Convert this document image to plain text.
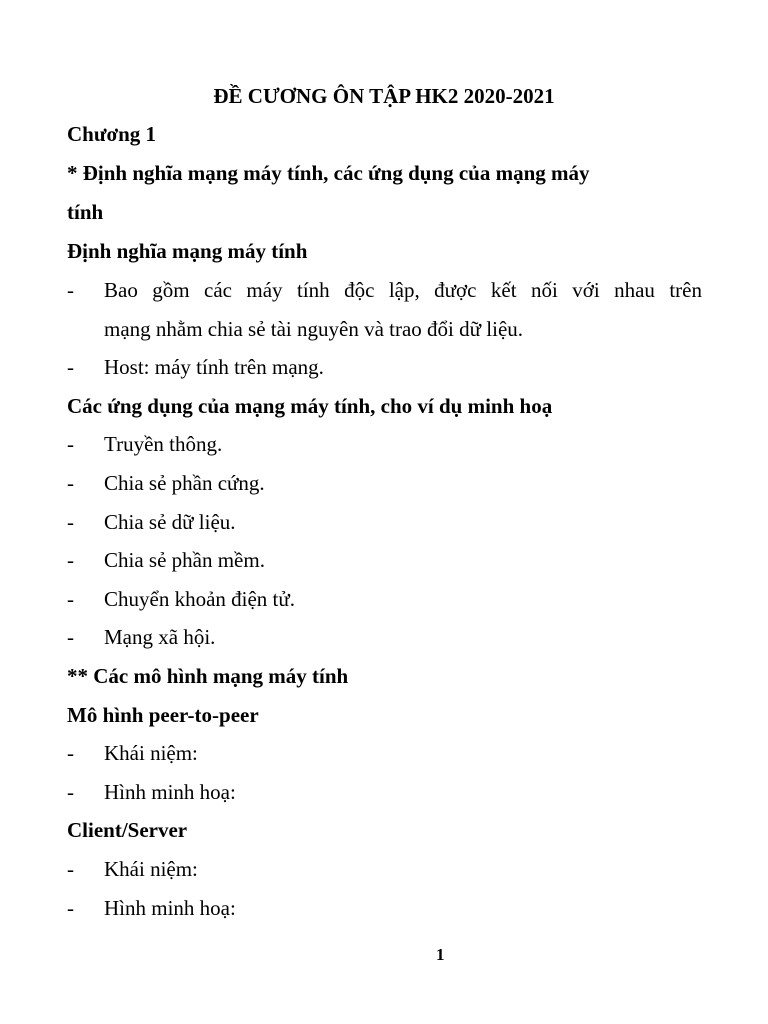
ĐỀ CƯƠNG ÔN TẬP HK2 2020-2021
Chương 1
* Định nghĩa mạng máy tính, các ứng dụng của mạng máy
tính
Định nghĩa mạng máy tính
- Bao gồm các máy tính độc lập, được kết nối với nhau trên
mạng nhằm chia sẻ tài nguyên và trao đổi dữ liệu.
- Host: máy tính trên mạng.
Các ứng dụng của mạng máy tính, cho ví dụ minh hoạ
- Truyền thông.
- Chia sẻ phần cứng.
- Chia sẻ dữ liệu.
- Chia sẻ phần mềm.
- Chuyển khoản điện tử.
- Mạng xã hội.
** Các mô hình mạng máy tính
Mô hình peer-to-peer
- Khái niệm:
- Hình minh hoạ:
Client/Server
- Khái niệm:
- Hình minh hoạ:
1
